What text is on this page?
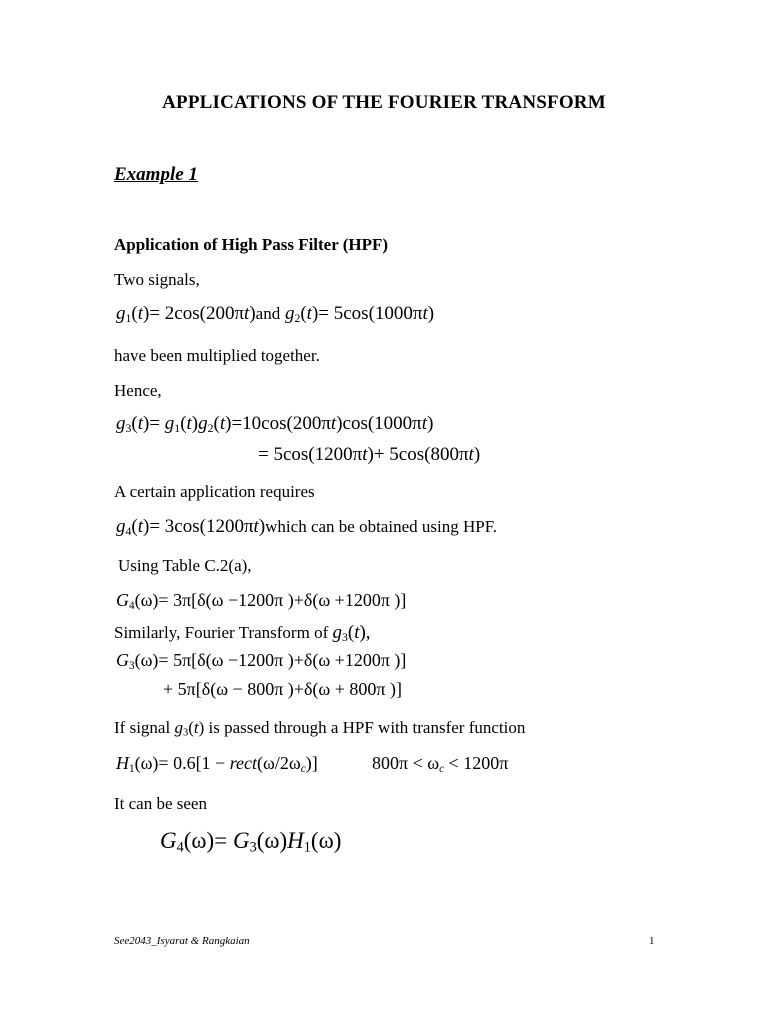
APPLICATIONS OF THE FOURIER TRANSFORM
Example 1
Application of High Pass Filter (HPF)
Two signals,
$g_1(t)= 2\cos(200\pi t)and$ $g_2(t)= 5\cos(1000\pi t)$
have been multiplied together.
Hence,
$g_3(t)= g_1(t)g_2(t)=10\cos(200\pi t)\cos(1000\pi t)$
= 5cos(1200πt)+ 5cos(800πt)
A certain application requires
$g_4(t)=$ 3cos(1200πt)which can be obtained using HPF.
Using Table C.2(a),
$G_4(\omega)= 3\pi[\delta(\omega -1200\pi$ )+δ(ω +1200π )]
Similarly, Fourier Transform of $g_3(t)$,
$G_3(\omega)= 5\pi[\delta(\omega -1200\pi$ )+δ(ω +1200π )]
+ 5π[δ(ω − 800π )+δ(ω + 800π )]
If signal $g_3(t)$ is passed through a HPF with transfer function
$H_1(\omega)= 0.6[1$ − $rect(\omega/2\omega_c)$]	$800\pi < \omega_c < 1200\pi$
It can be seen
$G_4(\omega)= G_3(\omega)H_1(\omega)$
See2043_Isyarat & Rangkaian	1
